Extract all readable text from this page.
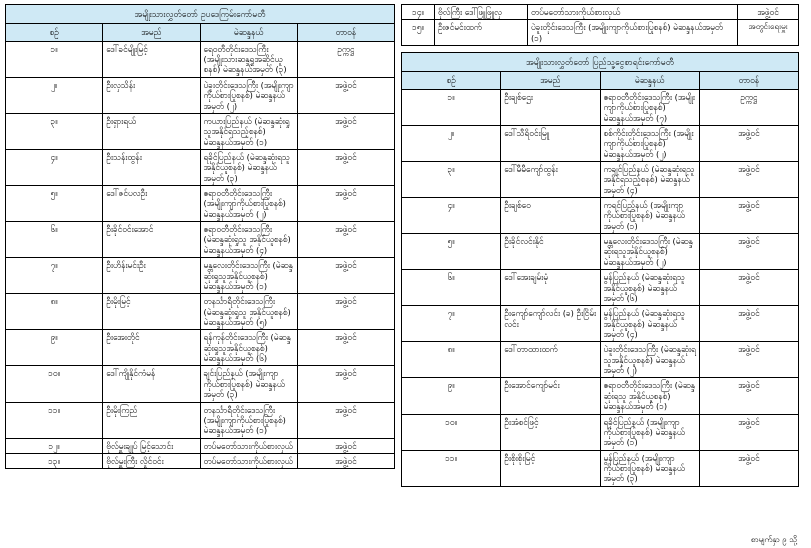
အမျိုးသားလွှတ်တော် ဥပဒေကြမ်းကော်မတီ			
စဉ်	အမည်	မဲဆန္ဒနယ်	တာဝန်
၁။	ဒေါ်ခင်မျိုးမြင့်	ရေဝတီတိုင်းဒေသကြီး (အမျိုးသားဆန္ဒရှုအဆိုင်ယူစနစ်) မဲဆန္ဒနယ်အမှတ် (၃)	ဥက္ကဋ္ဌ
၂။	ဦးလှသိန်း	ပဲခူးတိုင်းဒေသကြီး (အမျိုးကျာကိုယ်စားပြုစနစ်) မဲဆန္ဒနယ်အမှတ် (၂)	အဖွဲ့ဝင်
၃။	ဦးရှားရယ်	ကယားပြည်နယ် (မဲဆန္ဒဆုံးရှုသူအနိုင်ရသည့်စနစ်) မဲဆန္ဒနယ်အမှတ် (၁)	အဖွဲ့ဝင်
၄။	ဦးသန်းထွန်း	ရခိုင်ပြည်နယ် (မဲဆန္ဒဆုံးရသူအနိုင်ယူစနစ်) မဲဆန္ဒနယ်အမှတ် (၃)	အဖွဲ့ဝင်
၅။	ဒေါ်ဇင်ပလဦး	ဧရာဝတီတိုင်းဒေသကြီး (အမျိုးကျာကိုယ်စားပြုစနစ်) မဲဆန္ဒနယ်အမှတ် (၂)	အဖွဲ့ဝင်
၆။	ဦးခိုင်ဝင်းအောင်	ဧရာဝတီတိုင်းဒေသကြီး (မဲဆန္ဒဆုံးရှုသူ အနိုင်ယူစနစ်) မဲဆန္ဒနယ်အမှတ် (၄)	အဖွဲ့ဝင်
၇။	ဦးဟိန်းမင်းဦး	မန္တလေးတိုင်းဒေသကြီး (မဲဆန္ဒဆုံးရှုသူအနိုင်ယူစနစ်) မဲဆန္ဒနယ်အမှတ် (၁)	အဖွဲ့ဝင်
၈။	ဦးမိုးမြင့်	တနင်္သာရီတိုင်းဒေသကြီး (မဲဆန္ဒဆုံးရှုသူ အနိုင်ယူစနစ်) မဲဆန္ဒနယ်အမှတ် (၅)	အဖွဲ့ဝင်
၉။	ဦးအေးတိုင်	ရန်ကုန်တိုင်းဒေသကြီး (မဲဆန္ဒဆုံးရှုသူအနိုင်ယူစနစ်) မဲဆန္ဒနယ်အမှတ် (၆)	အဖွဲ့ဝင်
၁၀။	ဒေါ်ကျိုနိုင်ကံမန်	ချင်းပြည်နယ် (အမျိုးကျာကိုယ်စားပြုစနစ်) မဲဆန္ဒနယ်အမှတ် (၃)	အဖွဲ့ဝင်
၁၁။	ဦးမိုးကြည်	တနင်္သာရီတိုင်းဒေသကြီး (အမျိုးကျာကိုယ်စားပြုစနစ်) မဲဆန္ဒနယ်အမှတ် (၁)	အဖွဲ့ဝင်
၁၂။	ဗိုလ်မှူးချုပ် မြင့်သောင်း	တပ်မတော်သားကိုယ်စားလှယ်	အဖွဲ့ဝင်
၁၃။	ဗိုလ်မှူးကြီး လှိုင်ဝင်း	တပ်မတော်သားကိုယ်စားလှယ်	အဖွဲ့ဝင်
၁၄။	ဗိုလ်ကြီး ဒေါ်ဖြူဖြူလှ	တပ်မတော်သားကိုယ်စားလှယ်	အဖွဲ့ဝင်
၁၅။	ဦးဇင်မင်းထက်	ပဲခူးတိုင်းဒေသကြီး (အမျိုးကျာကိုယ်စားပြုစနစ်) မဲဆန္ဒနယ်အမှတ် (၁)	အတွင်းရေးမှူး
အမျိုးသားလွှတ်တော် ပြည်သူ့ငွေစာရင်းကော်မတီ			
စဉ်	အမည်	မဲဆန္ဒနယ်	တာဝန်
၁။	ဦးချစ်ဌေး	ဧရာဝတီတိုင်းဒေသကြီး (အမျိုးကျာကိုယ်စားပြုစနစ်) မဲဆန္ဒနယ်အမှတ် (၇)	ဥက္ကဋ္ဌ
၂။	ဒေါ်သီရိဝင်းမြူ	စစ်ကိုင်းတိုင်းဒေသကြီး (အမျိုးကျာကိုယ်စားပြုစနစ်) မဲဆန္ဒနယ်အမှတ် (၂)	အဖွဲ့ဝင်
၃။	ဒေါ်မီမီကျော်ထွန်း	ကချင်ပြည်နယ် (မဲဆန္ဒဆုံးရသူအနိုင်ရသည့်စနစ်) မဲဆန္ဒနယ်အမှတ် (၄)	အဖွဲ့ဝင်
၄။	ဦးချစ်ဝေ	ကရင်ပြည်နယ် (အမျိုးကျာကိုယ်စားပြုစနစ်) မဲဆန္ဒနယ်အမှတ် (၁)	အဖွဲ့ဝင်
၅။	ဦးခိုင်လင်းနိုင်	မန္တလေးတိုင်းဒေသကြီး (မဲဆန္ဒဆုံးရသူအနိုင်ယူစနစ်) မဲဆန္ဒနယ်အမှတ် (၂)	အဖွဲ့ဝင်
၆။	ဒေါ်အေးချမ်းမုံ	မွန်ပြည်နယ် (မဲဆန္ဒဆုံးရသူအနိုင်ယူစနစ်) မဲဆန္ဒနယ်အမှတ် (၆)	အဖွဲ့ဝင်
၇။	ဦးကျော်ကျော်လင်း (ခ) ဦးငြိမ်းလင်း	မွန်ပြည်နယ် (မဲဆန္ဒဆုံးရသူအနိုင်ယူစနစ်) မဲဆန္ဒနယ်အမှတ် (၄)	အဖွဲ့ဝင်
၈။	ဒေါ်တာထားထက်	ပဲခူးတိုင်းဒေသကြီး (မဲဆန္ဒဆုံးရသူအနိုင်ယူစနစ်) မဲဆန္ဒနယ်အမှတ် (၂)	အဖွဲ့ဝင်
၉။	ဦးအောင်ကျော်မင်း	ဧရာဝတီတိုင်းဒေသကြီး (မဲဆန္ဒဆုံးရသူ အနိုင်ယူစနစ်) မဲဆန္ဒနယ်အမှတ် (၁)	အဖွဲ့ဝင်
၁၀။	ဦးအံစင်ဖြင့်	ရခိုင်ပြည်နယ် (အမျိုးကျာကိုယ်စားပြုစနစ်) မဲဆန္ဒနယ်အမှတ် (၁)	အဖွဲ့ဝင်
၁၁။	ဦးစိုးစိုးမြင့်	မွန်ပြည်နယ် (အမျိုးကျာကိုယ်စားပြုစနစ်) မဲဆန္ဒနယ်အမှတ် (၃)	အဖွဲ့ဝင်
စာမျက်နှာ ၉ သို့
